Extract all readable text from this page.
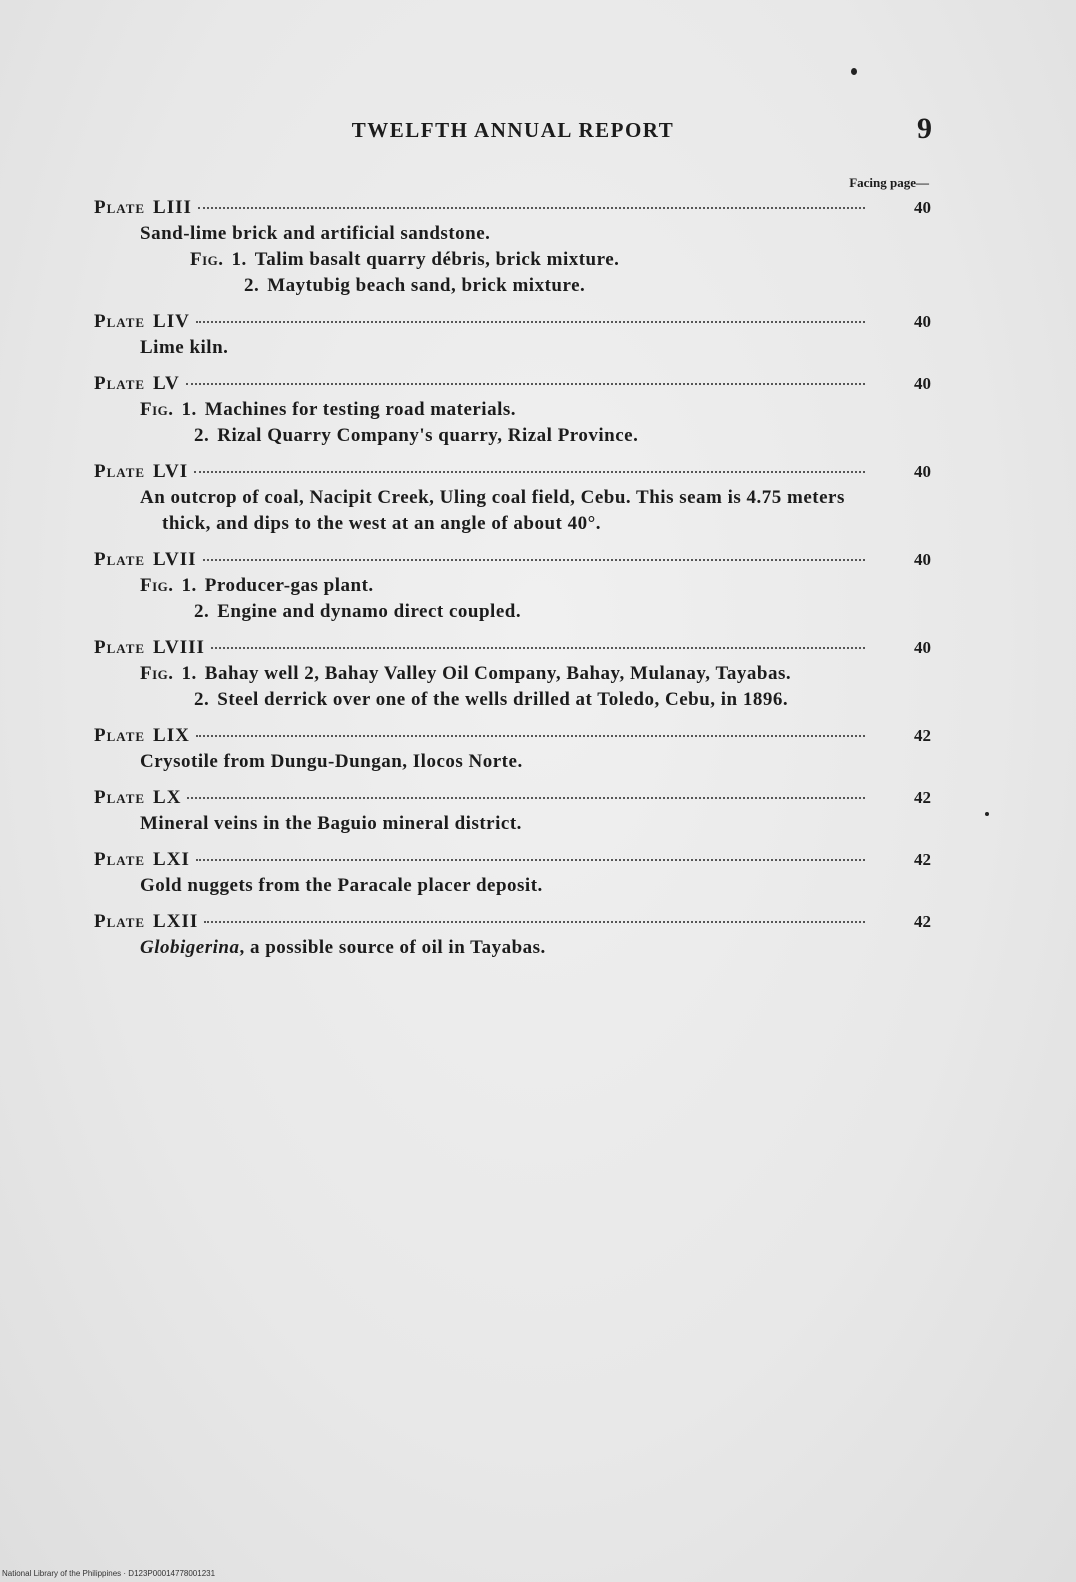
TWELFTH ANNUAL REPORT	9
Facing page—
Plate LIII	40
Sand-lime brick and artificial sandstone.
Fig. 1. Talim basalt quarry débris, brick mixture.
2. Maytubig beach sand, brick mixture.
Plate LIV	40
Lime kiln.
Plate LV	40
Fig. 1. Machines for testing road materials.
2. Rizal Quarry Company's quarry, Rizal Province.
Plate LVI	40
An outcrop of coal, Nacipit Creek, Uling coal field, Cebu. This seam is 4.75 meters thick, and dips to the west at an angle of about 40°.
Plate LVII	40
Fig. 1. Producer-gas plant.
2. Engine and dynamo direct coupled.
Plate LVIII	40
Fig. 1. Bahay well 2, Bahay Valley Oil Company, Bahay, Mulanay, Tayabas.
2. Steel derrick over one of the wells drilled at Toledo, Cebu, in 1896.
Plate LIX	42
Crysotile from Dungu-Dungan, Ilocos Norte.
Plate LX	42
Mineral veins in the Baguio mineral district.
Plate LXI	42
Gold nuggets from the Paracale placer deposit.
Plate LXII	42
Globigerina, a possible source of oil in Tayabas.
National Library of the Philippines · D123P00014778001231
